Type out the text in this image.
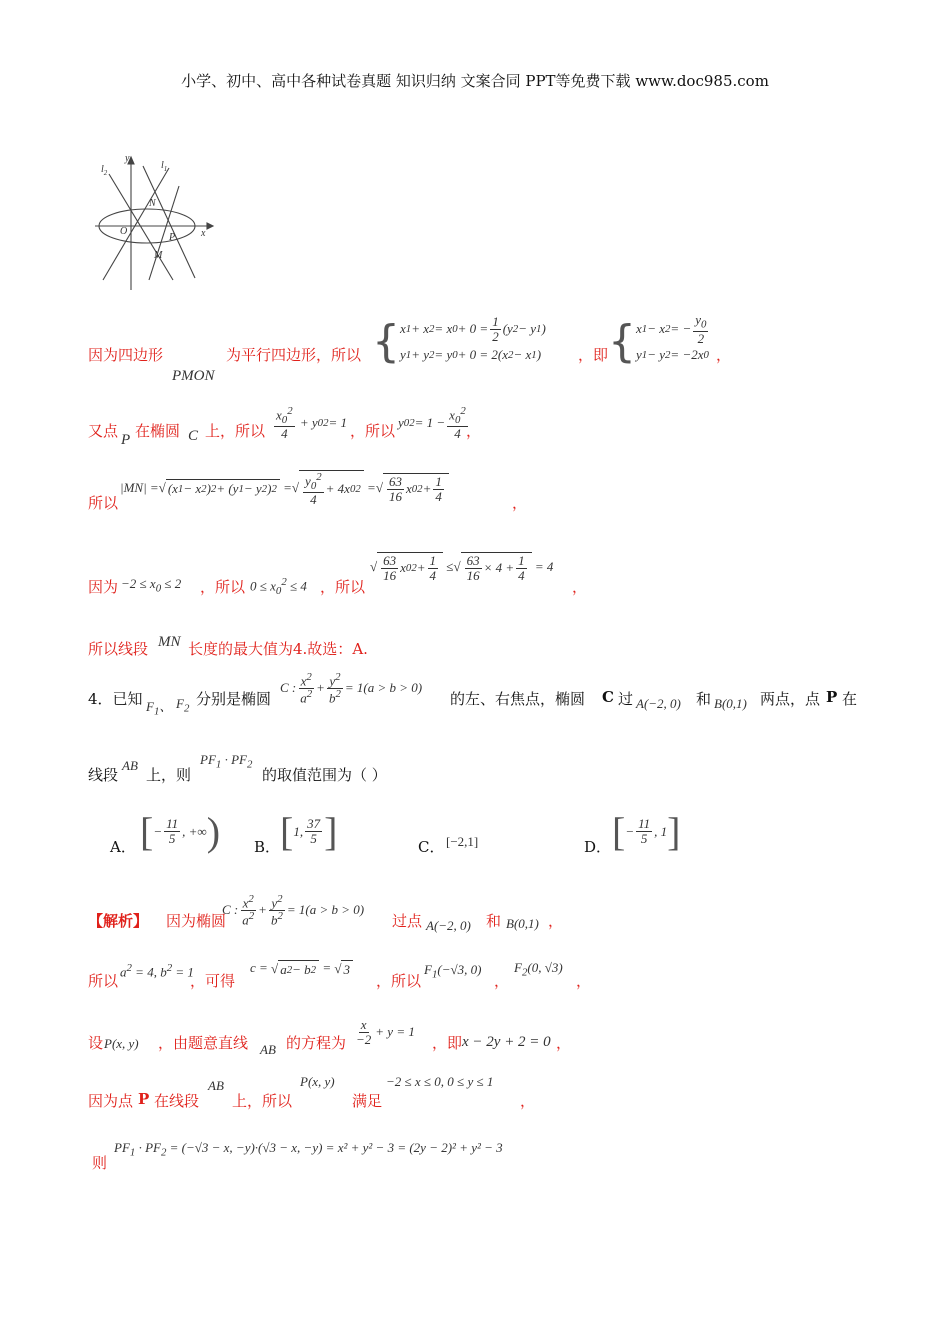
小学、初中、高中各种试卷真题 知识归纳 文案合同 PPT等免费下载 www.doc985.com
$l_2$
$l_1$
y
x
O
N
P
M
因为四边形
PMON
为平行四边形，所以 { x 1 + x 2 = x $0 + 0 = \frac{1}{2} (y$ 2 − y 1 )
y 1 + y 2 = y 0 + 0 = 2(x 2 − x 1 )	，即 { x 1 − x 2 = − $\frac{y_0}{2}$
y 1 − y 2 = −2x 0 ，
又点 P 在椭圆 C 上，所以 $\frac{x_0^2}{4} + y$ 0 2 = 1 ，所以 y 0 $2 = 1 - \frac{x_0^2}{4}$
，
所以
|MN| = √ (x 1 − x 2 ) 2 + (y 1 − y 2 ) 2 = √ $\frac{y_0^2}{4} + 4x$ 0 2 = √ $\frac{63}{16}$ x 0 $2 + \frac{1}{4}$	，
因为 $-2 \le x_0 \le 2$ ，所以 $0 \le x_0^2 \le 4$ ，所以
√ $\frac{63}{16}$ x 0 $2 + \frac{1}{4}$ ≤ √ $\frac{63}{16} \times 4 + \frac{1}{4} = 4$
，
所以线段 MN 长度的最大值为4.故选：A.
4．已知 $F_1$、 $F_2$
分别是椭圆
C : $\frac{x^2}{a^2} + \frac{y^2}{b^2} = 1(a > b > 0)$
的左、右焦点，椭圆 C 过 A(−2, 0) 和 B(0,1) 两点，点 P 在
线段
AB
上，则
$PF_1 \cdot PF_2$
的取值范围为（ ）
A． [ − $\frac{11}{5}$ , +∞ ) B． [ 1, $\frac{37}{5}$ ]	C． [−2,1]	D． [ − $\frac{11}{5}$ , 1 ]
【解析】 因为椭圆
C : $\frac{x^2}{a^2} + \frac{y^2}{b^2} = 1(a > b > 0)$
过点 A(−2, 0) 和 B(0,1) ，
所以
$a^2 = 4$, $b^2 = 1$
，可得
c = √ a 2 − b 2 = √ 3
，所以
$F_1(-√3$, 0)
，
$F_2(0$, √3)
，
设 P(x, y) ，由题意直线 AB 的方程为 $\frac{x}{-2} + y = 1$
，即 x − 2y + 2 = 0 ，
因为点 P 在线段
AB
上，所以
P(x, y)
满足
−2 ≤ x ≤ 0, 0 ≤ y ≤ 1
，
则
$PF_1 \cdot PF_2 = (-√3 - x$, −y)·(√3 − x, −y) = x² + y² − 3 = (2y − 2)² + y² − 3
